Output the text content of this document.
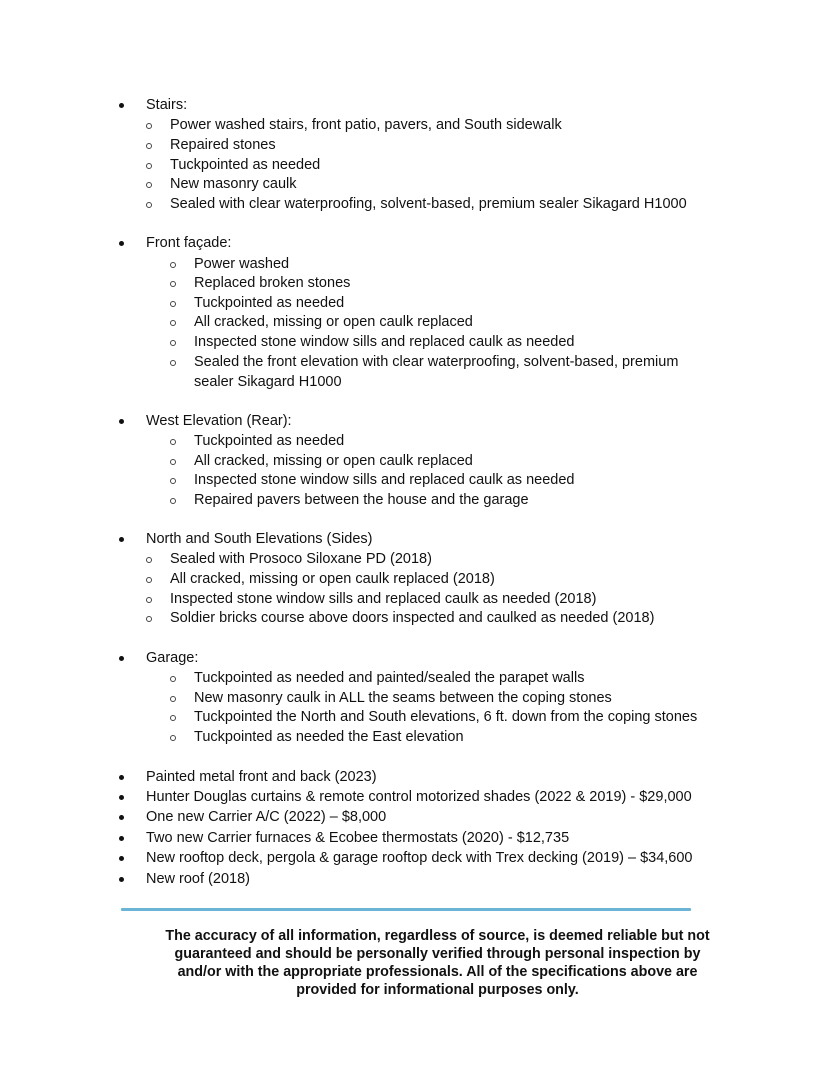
Stairs:
Power washed stairs, front patio, pavers, and South sidewalk
Repaired stones
Tuckpointed as needed
New masonry caulk
Sealed with clear waterproofing, solvent-based, premium sealer Sikagard H1000
Front façade:
Power washed
Replaced broken stones
Tuckpointed as needed
All cracked, missing or open caulk replaced
Inspected stone window sills and replaced caulk as needed
Sealed the front elevation with clear waterproofing, solvent-based, premium
sealer Sikagard H1000
West Elevation (Rear):
Tuckpointed as needed
All cracked, missing or open caulk replaced
Inspected stone window sills and replaced caulk as needed
Repaired pavers between the house and the garage
North and South Elevations (Sides)
Sealed with Prosoco Siloxane PD (2018)
All cracked, missing or open caulk replaced (2018)
Inspected stone window sills and replaced caulk as needed (2018)
Soldier bricks course above doors inspected and caulked as needed (2018)
Garage:
Tuckpointed as needed and painted/sealed the parapet walls
New masonry caulk in ALL the seams between the coping stones
Tuckpointed the North and South elevations, 6 ft. down from the coping stones
Tuckpointed as needed the East elevation
Painted metal front and back (2023)
Hunter Douglas curtains & remote control motorized shades (2022 & 2019) - $29,000
One new Carrier A/C (2022) – $8,000
Two new Carrier furnaces & Ecobee thermostats (2020) - $12,735
New rooftop deck, pergola & garage rooftop deck with Trex decking (2019) – $34,600
New roof (2018)
The accuracy of all information, regardless of source, is deemed reliable but not
guaranteed and should be personally verified through personal inspection by
and/or with the appropriate professionals. All of the specifications above are
provided for informational purposes only.
